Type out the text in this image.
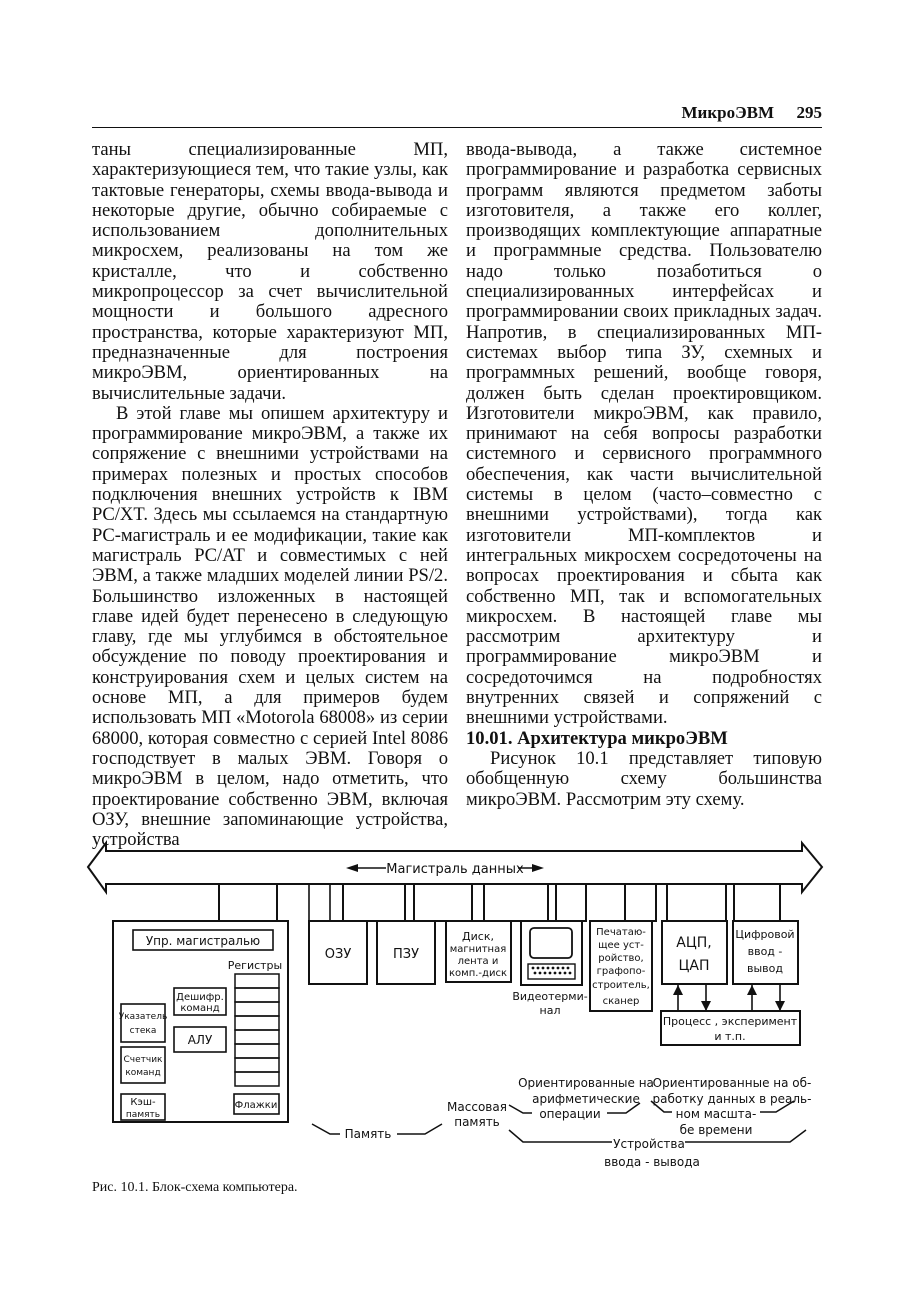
МикроЭВМ 295

таны специализированные МП, характеризующиеся тем, что такие узлы, как тактовые генераторы, схемы ввода-вывода и некоторые другие, обычно собираемые с использованием дополнительных микросхем, реализованы на том же кристалле, что и собственно микропроцессор за счет вычислительной мощности и большого адресного пространства, которые характеризуют МП, предназначенные для построения микроЭВМ, ориентированных на вычислительные задачи.

В этой главе мы опишем архитектуру и программирование микроЭВМ, а также их сопряжение с внешними устройствами на примерах полезных и простых способов подключения внешних устройств к IBM PC/XT. Здесь мы ссылаемся на стандартную PC-магистраль и ее модификации, такие как магистраль PC/AT и совместимых с ней ЭВМ, а также младших моделей линии PS/2. Большинство изложенных в настоящей главе идей будет перенесено в следующую главу, где мы углубимся в обстоятельное обсуждение по поводу проектирования и конструирования схем и целых систем на основе МП, а для примеров будем использовать МП «Motorola 68008» из серии 68000, которая совместно с серией Intel 8086 господствует в малых ЭВМ. Говоря о микроЭВМ в целом, надо отметить, что проектирование собственно ЭВМ, включая ОЗУ, внешние запоминающие устройства, устройства

ввода-вывода, а также системное программирование и разработка сервисных программ являются предметом заботы изготовителя, а также его коллег, производящих комплектующие аппаратные и программные средства. Пользователю надо только позаботиться о специализированных интерфейсах и программировании своих прикладных задач. Напротив, в специализированных МП-системах выбор типа ЗУ, схемных и программных решений, вообще говоря, должен быть сделан проектировщиком. Изготовители микроЭВМ, как правило, принимают на себя вопросы разработки системного и сервисного программного обеспечения, как части вычислительной системы в целом (часто–совместно с внешними устройствами), тогда как изготовители МП-комплектов и интегральных микросхем сосредоточены на вопросах проектирования и сбыта как собственно МП, так и вспомогательных микросхем. В настоящей главе мы рассмотрим архитектуру и программирование микроЭВМ и сосредоточимся на подробностях внутренних связей и сопряжений с внешними устройствами.

10.01. Архитектура микроЭВМ

Рисунок 10.1 представляет типовую обобщенную схему большинства микроЭВМ. Рассмотрим эту схему.

Магистраль данных
Упр. магистралью
Регистры
Дешифр.
команд
Указатель
стека
АЛУ
Счетчик
команд
Кэш-
память
Флажки
ОЗУ	ПЗУ
Диск,
магнитная
лента и
комп.-диск
Видеотерми-
нал
Печатаю-
щее уст-
ройство,
графопо-
строитель,
сканер
АЦП,
ЦАП
Цифровой
ввод -
вывод
Процесс , эксперимент
и т.п.
Память
Массовая
память
Ориентированные на
арифметические
операции
Ориентированные на об-
работку данных в реаль-
ном масшта-
бе времени
Устройства
ввода - вывода
Рис. 10.1. Блок-схема компьютера.
